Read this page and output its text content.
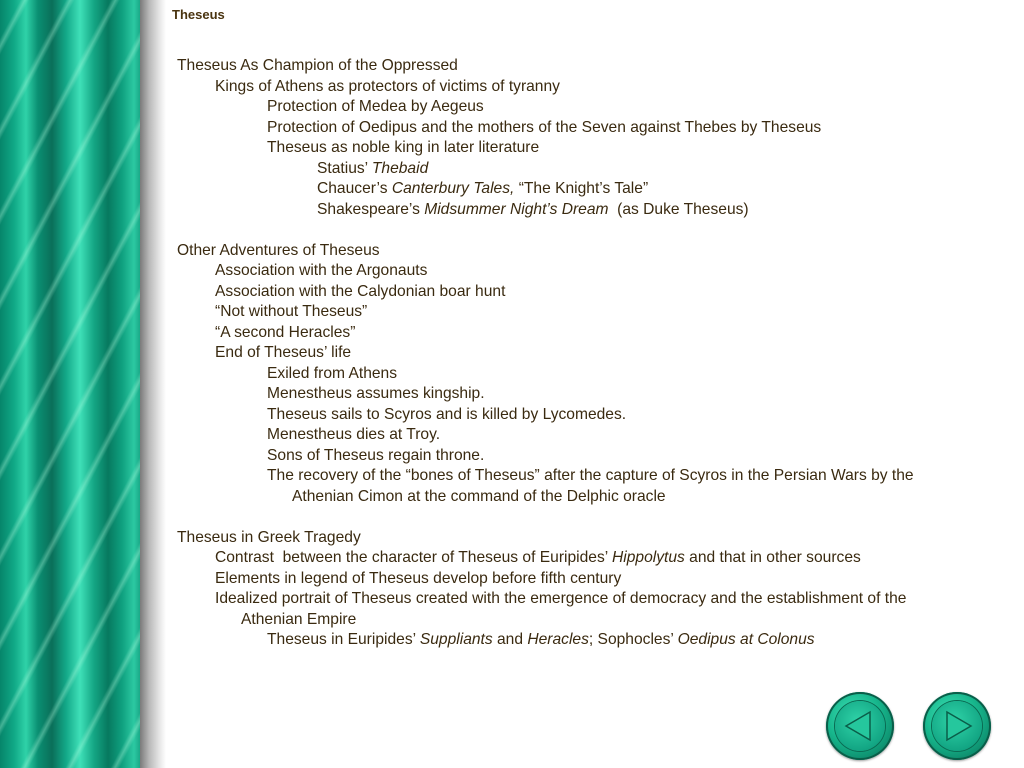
Theseus
Theseus As Champion of the Oppressed
Kings of Athens as protectors of victims of tyranny
Protection of Medea by Aegeus
Protection of Oedipus and the mothers of the Seven against Thebes by Theseus
Theseus as noble king in later literature
Statius’ Thebaid
Chaucer’s Canterbury Tales, “The Knight’s Tale”
Shakespeare’s Midsummer Night’s Dream  (as Duke Theseus)
Other Adventures of Theseus
Association with the Argonauts
Association with the Calydonian boar hunt
“Not without Theseus”
“A second Heracles”
End of Theseus’ life
Exiled from Athens
Menestheus assumes kingship.
Theseus sails to Scyros and is killed by Lycomedes.
Menestheus dies at Troy.
Sons of Theseus regain throne.
The recovery of the “bones of Theseus” after the capture of Scyros in the Persian Wars by the
Athenian Cimon at the command of the Delphic oracle
Theseus in Greek Tragedy
Contrast  between the character of Theseus of Euripides’ Hippolytus and that in other sources
Elements in legend of Theseus develop before fifth century
Idealized portrait of Theseus created with the emergence of democracy and the establishment of the
Athenian Empire
Theseus in Euripides’ Suppliants and Heracles; Sophocles’ Oedipus at Colonus
